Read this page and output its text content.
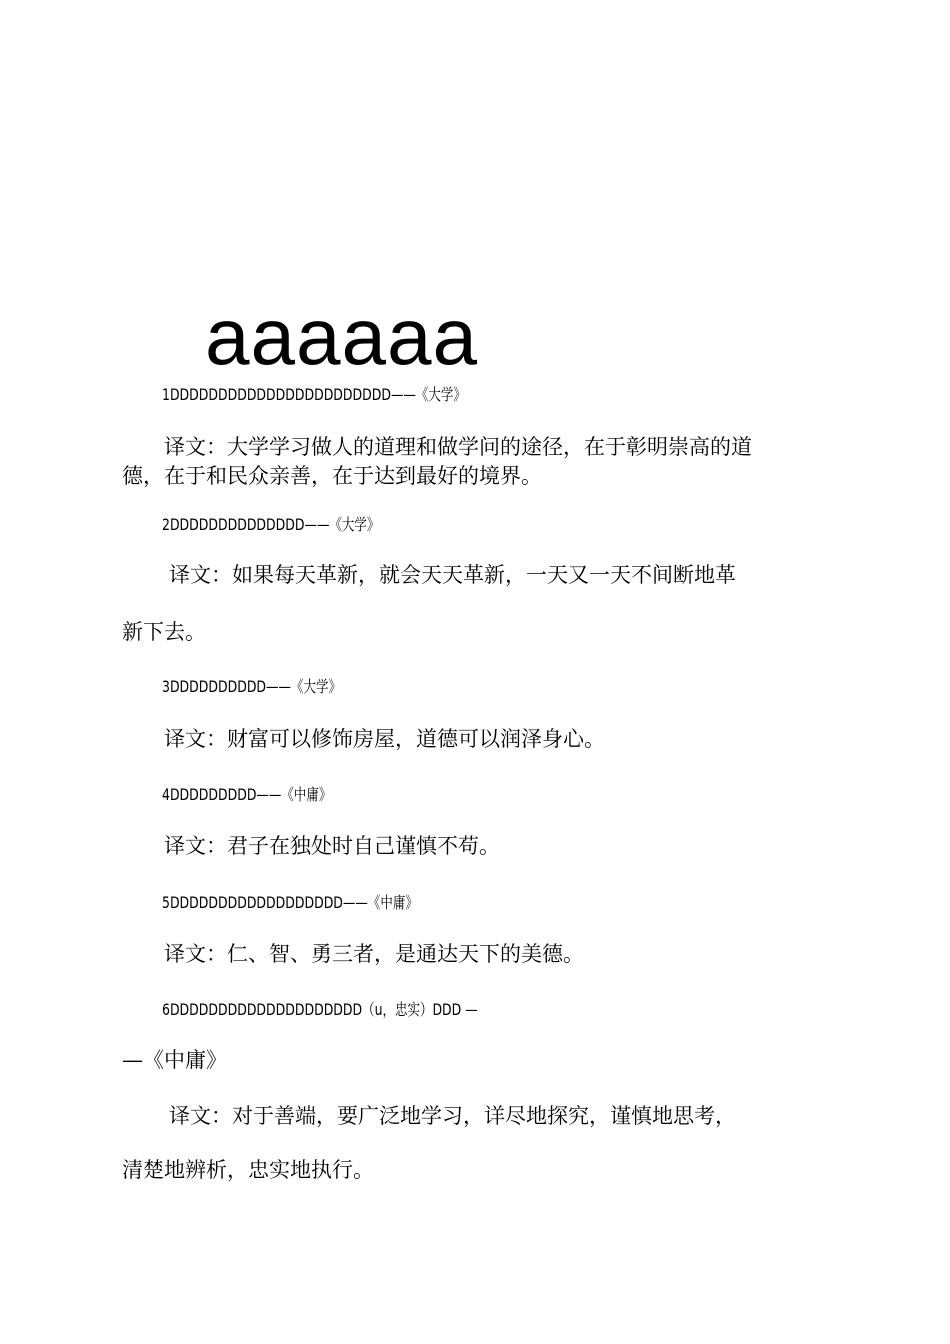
aaaaaa
1DDDDDDDDDDDDDDDDDDDDDDD——《大学》
译文：大学学习做人的道理和做学问的途径，在于彰明崇高的道
德，在于和民众亲善，在于达到最好的境界。
2DDDDDDDDDDDDDD——《大学》
译文：如果每天革新，就会天天革新，一天又一天不间断地革
新下去。
3DDDDDDDDDD——《大学》
译文：财富可以修饰房屋，道德可以润泽身心。
4DDDDDDDDD——《中庸》
译文：君子在独处时自己谨慎不苟。
5DDDDDDDDDDDDDDDDDD——《中庸》
译文：仁、智、勇三者，是通达天下的美德。
6DDDDDDDDDDDDDDDDDDDD（u，忠实）DDD —
—《中庸》
译文：对于善端，要广泛地学习，详尽地探究，谨慎地思考，
清楚地辨析，忠实地执行。
